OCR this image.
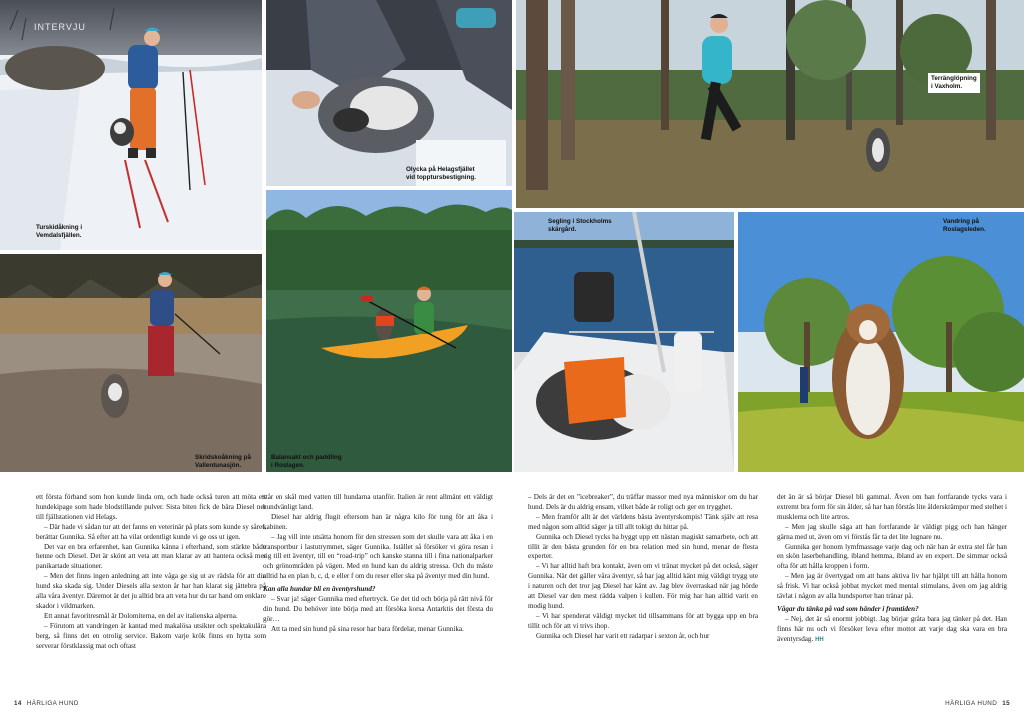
INTERVJU
Turskidåkning i
Vemdalsfjällen.
Olycka på Helagsfjället
vid topptursbestigning.
Terränglöpning
i Vaxholm.
Skridskoåkning på
Vallentunasjön.
Balansakt och paddling
i Roslagen.
Segling i Stockholms
skärgård.
Vandring på
Roslagsleden.

ett första förband som hon kunde linda om, och hade också turen att möta ett hundekipage som hade blodstillande pulver. Sista biten fick de bära Diesel ner till fjällstationen vid Helags.

– Där hade vi sådan tur att det fanns en veterinär på plats som kunde sy såret, berättar Gunnika. Så efter att ha vilat ordentligt kunde vi ge oss ut igen.

Det var en bra erfarenhet, kan Gunnika känna i efterhand, som stärkte både henne och Diesel. Det är skönt att veta att man klarar av att hantera också mer panikartade situationer.

– Men det finns ingen anledning att inte våga ge sig ut av rädsla för att din hund ska skada sig. Under Diesels alla sexton år har han klarat sig jättebra på alla våra äventyr. Däremot är det ju alltid bra att veta hur du tar hand om enklare skador i vildmarken.

Ett annat favoritresmål är Dolomiterna, en del av italienska alperna.

– Förutom att vandringen är kantad med makalösa utsikter och spektakulära berg, så finns det en otrolig service. Bakom varje krök finns en hytta som serverar förstklassig mat och oftast

står en skål med vatten till hundarna utanför. Italien är rent allmänt ett väldigt hundvänligt land.

Diesel har aldrig flugit eftersom han är några kilo för tung för att åka i kabinen.

– Jag vill inte utsätta honom för den stressen som det skulle vara att åka i en transportbur i lastutrymmet, säger Gunnika. Istället så försöker vi göra resan i sig till ett äventyr, till en “road-trip” och kanske stanna till i fina nationalparker och grönområden på vägen. Med en hund kan du aldrig stressa. Och du måste alltid ha en plan b, c, d, e eller f om du reser eller ska på äventyr med din hund.

Kan alla hundar bli en äventyrshund?

– Svar ja! säger Gunnika med eftertryck. Ge det tid och börja på rätt nivå för din hund. Du behöver inte börja med att försöka korsa Antarktis det första du gör…

Att ta med sin hund på sina resor har bara fördelar, menar Gunnika.

– Dels är det en ”icebreaker”, du träffar massor med nya människor om du har hund. Dels är du aldrig ensam, vilket både är roligt och ger en trygghet.

– Men framför allt är det världens bästa äventyrskompis! Tänk själv att resa med någon som alltid säger ja till allt tokigt du hittar på.

Gunnika och Diesel tycks ha byggt upp ett nästan magiskt samarbete, och att tillit är den bästa grunden för en bra relation med sin hund, menar de flesta experter.

– Vi har alltid haft bra kontakt, även om vi tränat mycket på det också, säger Gunnika. När det gäller våra äventyr, så har jag alltid känt mig väldigt trygg ute i naturen och det tror jag Diesel har känt av. Jag blev överraskad när jag hörde att Diesel var den mest rädda valpen i kullen. För mig har han alltid varit en modig hund.

– Vi har spenderat väldigt mycket tid tillsammans för att bygga upp en bra tillit och för att vi trivs ihop.

Gunnika och Diesel har varit ett radarpar i sexton år, och hur

det än är så börjar Diesel bli gammal. Även om han fortfarande tycks vara i extremt bra form för sin ålder, så har han förstås lite ålderskrämpor med stelhet i musklerna och lite artros.

– Men jag skulle säga att han fortfarande är väldigt pigg och han hänger gärna med ut, även om vi förstås får ta det lite lugnare nu.

Gunnika ger honom lymfmassage varje dag och när han är extra stel får han en skön laserbehandling, ibland hemma, ibland av en expert. De simmar också ofta för att hålla kroppen i form.

– Men jag är övertygad om att hans aktiva liv har hjälpt till att hålla honom så frisk. Vi har också jobbat mycket med mental stimulans, även om jag aldrig tävlat i någon av alla hundsporter han tränar på.

Vågar du tänka på vad som händer i framtiden?

– Nej, det är så enormt jobbigt. Jag börjar gråta bara jag tänker på det. Han finns här nu och vi försöker leva efter mottot att varje dag ska vara en bra äventyrsdag. HH

14 HÄRLIGA HUND	HÄRLIGA HUND 15
